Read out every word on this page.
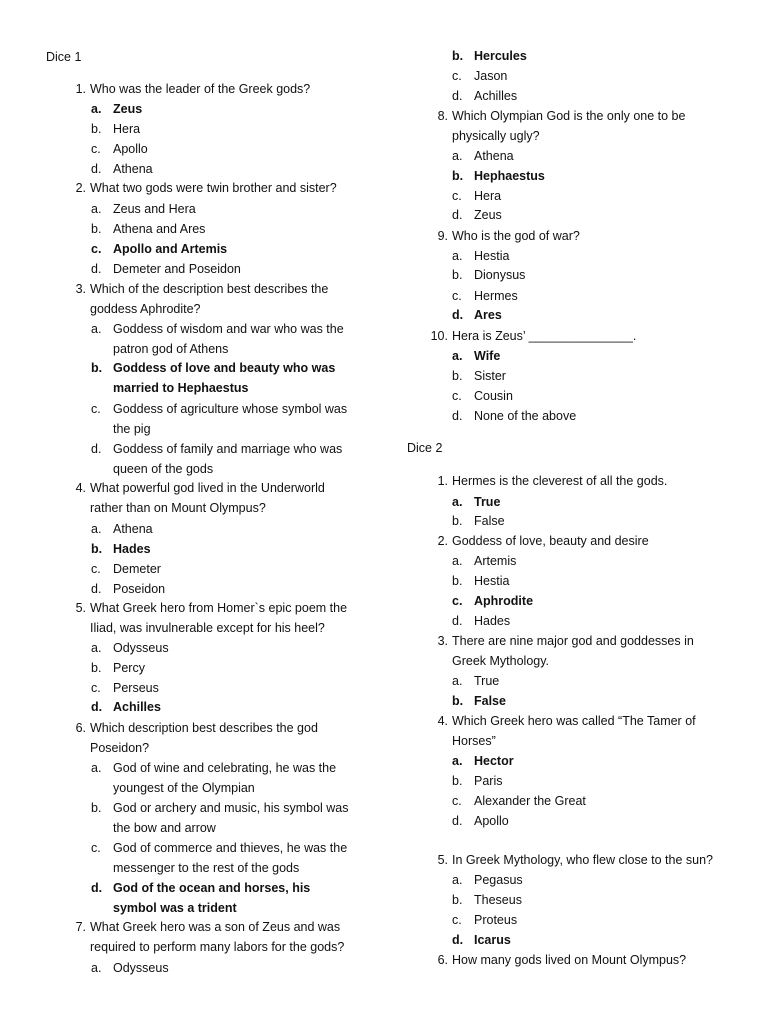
Dice 1
1. Who was the leader of the Greek gods?
a. Zeus
b. Hera
c. Apollo
d. Athena
2. What two gods were twin brother and sister?
a. Zeus and Hera
b. Athena and Ares
c. Apollo and Artemis
d. Demeter and Poseidon
3. Which of the description best describes the goddess Aphrodite?
a. Goddess of wisdom and war who was the patron god of Athens
b. Goddess of love and beauty who was married to Hephaestus
c. Goddess of agriculture whose symbol was the pig
d. Goddess of family and marriage who was queen of the gods
4. What powerful god lived in the Underworld rather than on Mount Olympus?
a. Athena
b. Hades
c. Demeter
d. Poseidon
5. What Greek hero from Homer`s epic poem the Iliad, was invulnerable except for his heel?
a. Odysseus
b. Percy
c. Perseus
d. Achilles
6. Which description best describes the god Poseidon?
a. God of wine and celebrating, he was the youngest of the Olympian
b. God or archery and music, his symbol was the bow and arrow
c. God of commerce and thieves, he was the messenger to the rest of the gods
d. God of the ocean and horses, his symbol was a trident
7. What Greek hero was a son of Zeus and was required to perform many labors for the gods?
a. Odysseus
b. Hercules
c. Jason
d. Achilles
8. Which Olympian God is the only one to be physically ugly?
a. Athena
b. Hephaestus
c. Hera
d. Zeus
9. Who is the god of war?
a. Hestia
b. Dionysus
c. Hermes
d. Ares
10. Hera is Zeus’ _______________.
a. Wife
b. Sister
c. Cousin
d. None of the above
Dice 2
1. Hermes is the cleverest of all the gods.
a. True
b. False
2. Goddess of love, beauty and desire
a. Artemis
b. Hestia
c. Aphrodite
d. Hades
3. There are nine major god and goddesses in Greek Mythology.
a. True
b. False
4. Which Greek hero was called “The Tamer of Horses”
a. Hector
b. Paris
c. Alexander the Great
d. Apollo
5. In Greek Mythology, who flew close to the sun?
a. Pegasus
b. Theseus
c. Proteus
d. Icarus
6. How many gods lived on Mount Olympus?
